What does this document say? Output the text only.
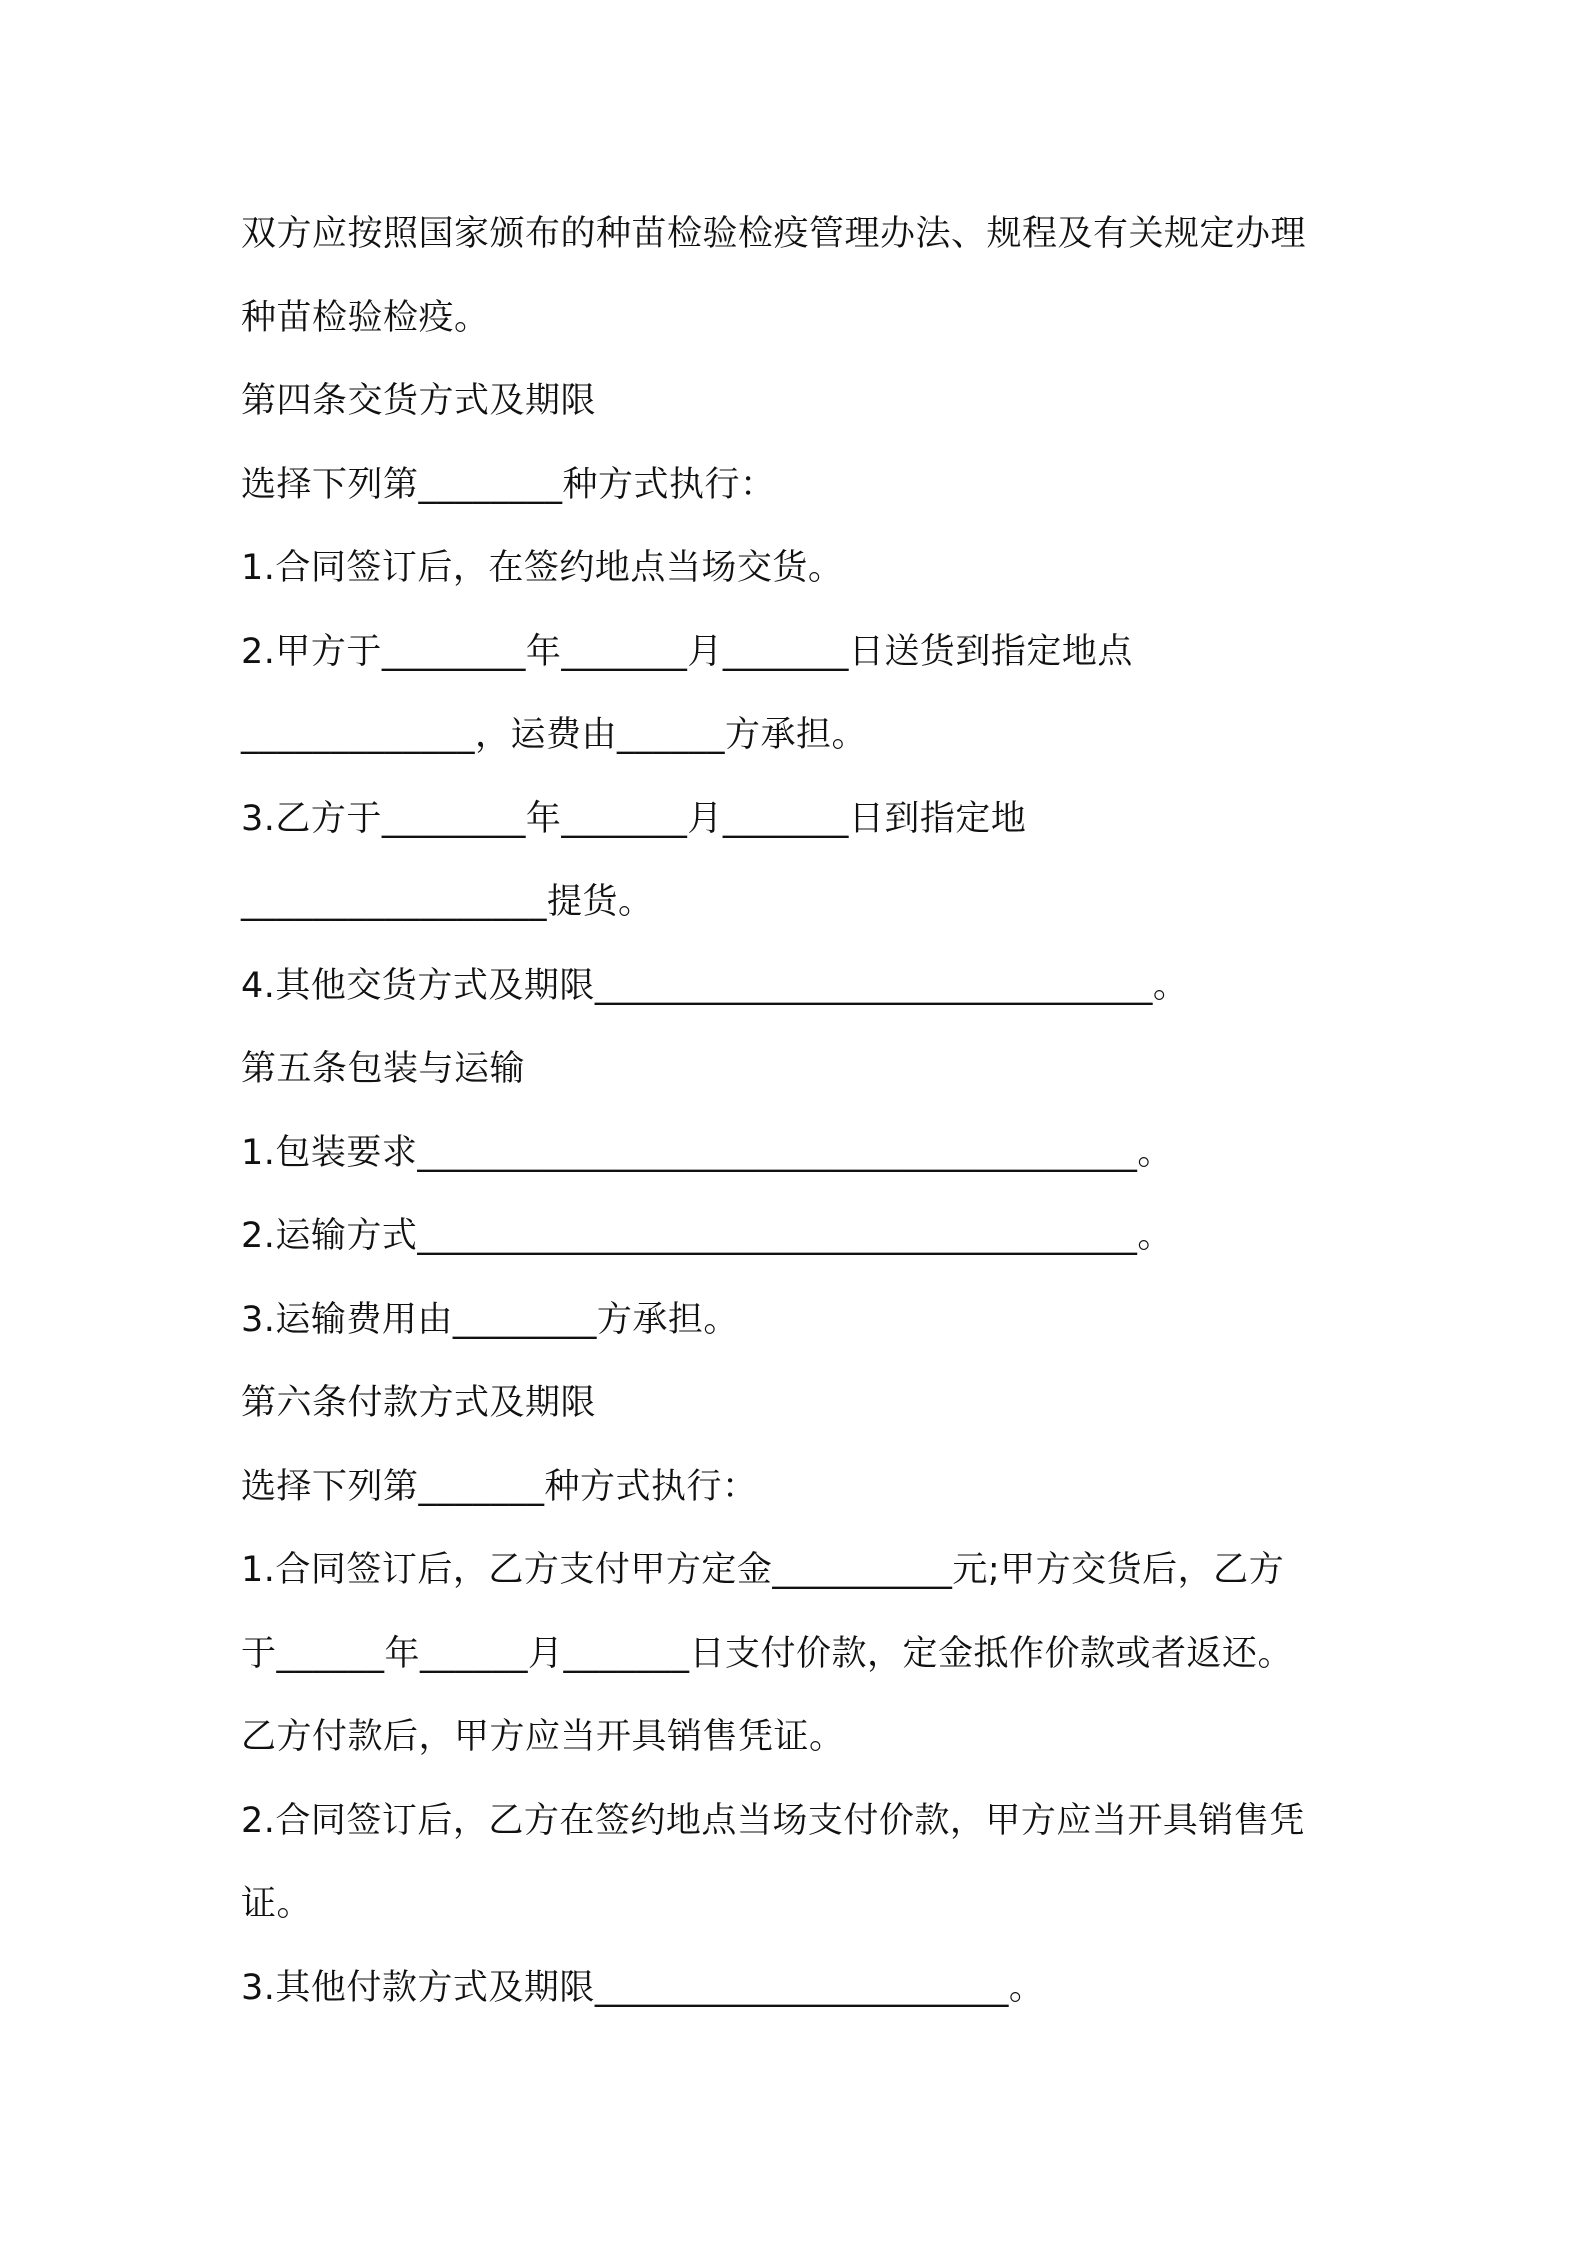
双方应按照国家颁布的种苗检验检疫管理办法、规程及有关规定办理
种苗检验检疫。
第四条交货方式及期限
选择下列第________种方式执行：
1.合同签订后，在签约地点当场交货。
2.甲方于________年_______月_______日送货到指定地点
_____________，运费由______方承担。
3.乙方于________年_______月_______日到指定地
_________________提货。
4.其他交货方式及期限_______________________________。
第五条包装与运输
1.包装要求________________________________________。
2.运输方式________________________________________。
3.运输费用由________方承担。
第六条付款方式及期限
选择下列第_______种方式执行：
1.合同签订后，乙方支付甲方定金__________元;甲方交货后，乙方
于______年______月_______日支付价款，定金抵作价款或者返还。
乙方付款后，甲方应当开具销售凭证。
2.合同签订后，乙方在签约地点当场支付价款，甲方应当开具销售凭
证。
3.其他付款方式及期限_______________________。
